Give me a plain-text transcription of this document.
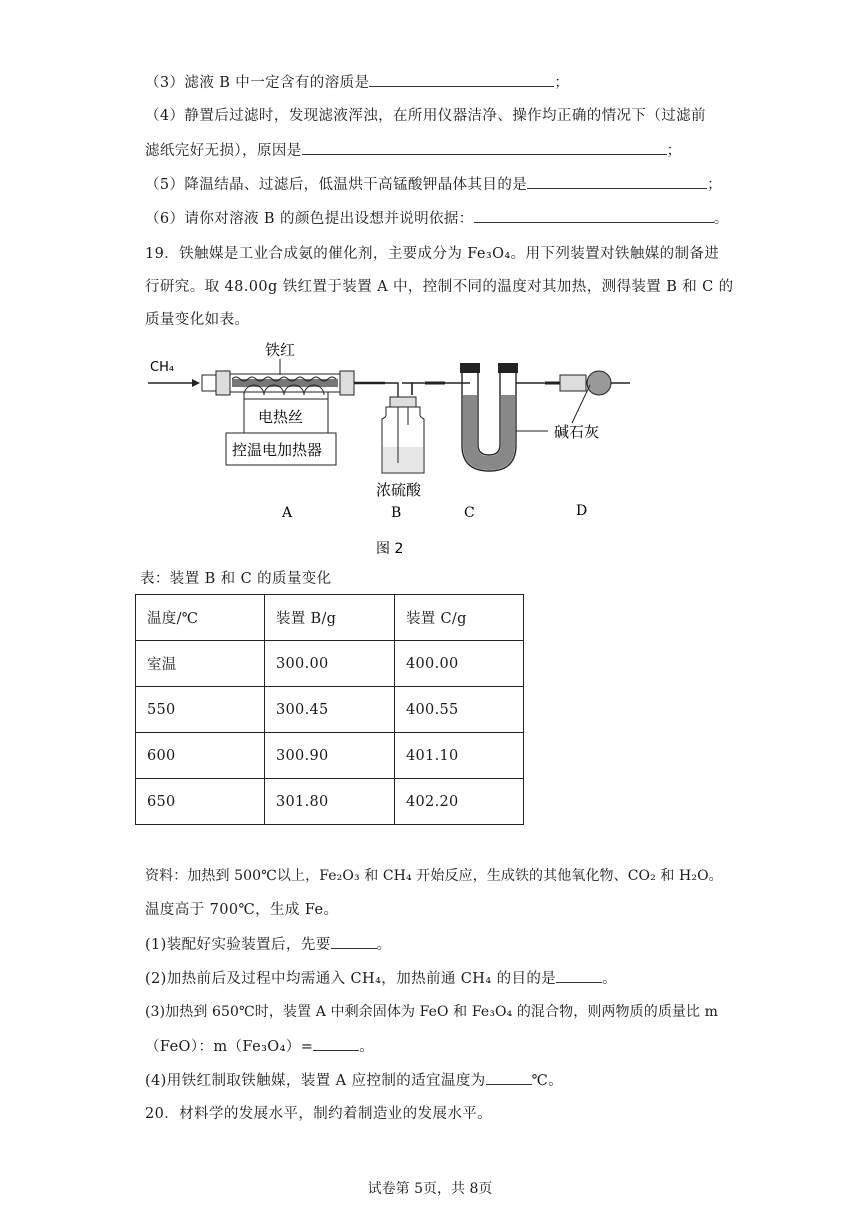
（3）滤液 B 中一定含有的溶质是	；
（4）静置后过滤时，发现滤液浑浊，在所用仪器洁净、操作均正确的情况下（过滤前
滤纸完好无损），原因是	；
（5）降温结晶、过滤后，低温烘干高锰酸钾晶体其目的是	；
（6）请你对溶液 B 的颜色提出设想并说明依据：	。
19．铁触媒是工业合成氨的催化剂，主要成分为 Fe₃O₄。用下列装置对铁触媒的制备进
行研究。取 48.00g 铁红置于装置 A 中，控制不同的温度对其加热，测得装置 B 和 C 的
质量变化如表。
CH₄
铁红
电热丝
控温电加热器
浓硫酸
碱石灰
A	B	C	D
图 2
表：装置 B 和 C 的质量变化
温度/℃	装置 B/g	装置 C/g
室温	300.00	400.00
550	300.45	400.55
600	300.90	401.10
650	301.80	402.20
资料：加热到 500℃以上，Fe₂O₃ 和 CH₄ 开始反应，生成铁的其他氧化物、CO₂ 和 H₂O。
温度高于 700℃，生成 Fe。
(1)装配好实验装置后，先要	。
(2)加热前后及过程中均需通入 CH₄，加热前通 CH₄ 的目的是	。
(3)加热到 650℃时，装置 A 中剩余固体为 FeO 和 Fe₃O₄ 的混合物，则两物质的质量比 m
（FeO）：m（Fe₃O₄）=	。
(4)用铁红制取铁触媒，装置 A 应控制的适宜温度为	℃。
20．材料学的发展水平，制约着制造业的发展水平。
试卷第 5页，共 8页
